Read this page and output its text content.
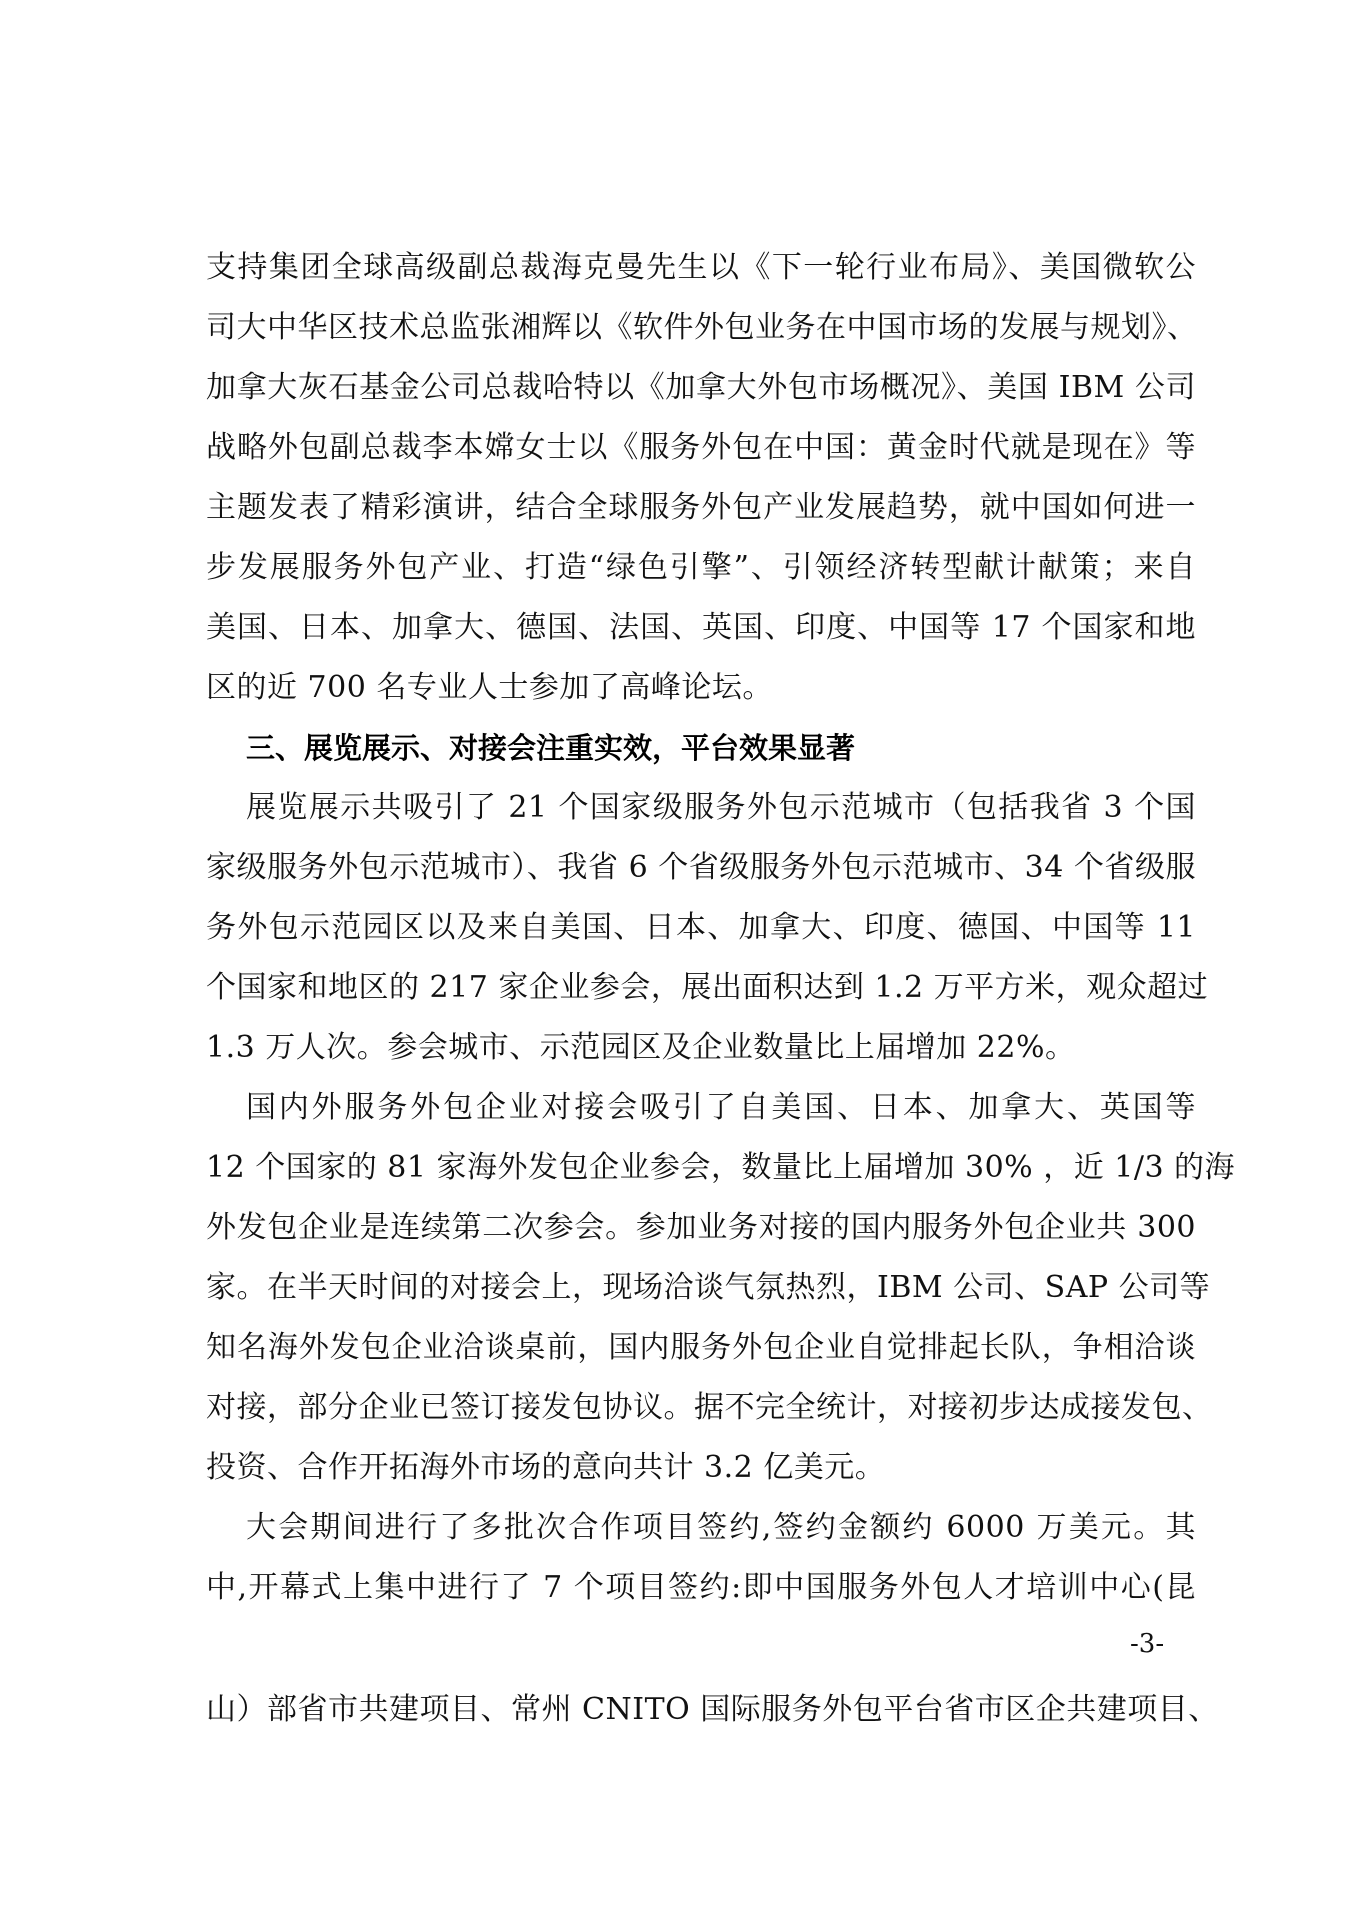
支持集团全球高级副总裁海克曼先生以《下一轮行业布局》、美国微软公
司大中华区技术总监张湘辉以《软件外包业务在中国市场的发展与规划》、
加拿大灰石基金公司总裁哈特以《加拿大外包市场概况》、美国 IBM 公司
战略外包副总裁李本嫦女士以《服务外包在中国：黄金时代就是现在》等
主题发表了精彩演讲，结合全球服务外包产业发展趋势，就中国如何进一
步发展服务外包产业、打造“绿色引擎”、引领经济转型献计献策；来自
美国、日本、加拿大、德国、法国、英国、印度、中国等 17 个国家和地
区的近 700 名专业人士参加了高峰论坛。
三、展览展示、对接会注重实效，平台效果显著
展览展示共吸引了 21 个国家级服务外包示范城市（包括我省 3 个国
家级服务外包示范城市）、我省 6 个省级服务外包示范城市、34 个省级服
务外包示范园区以及来自美国、日本、加拿大、印度、德国、中国等 11
个国家和地区的 217 家企业参会，展出面积达到 1.2 万平方米，观众超过
1.3 万人次。参会城市、示范园区及企业数量比上届增加 22%。
国内外服务外包企业对接会吸引了自美国、日本、加拿大、英国等
12 个国家的 81 家海外发包企业参会，数量比上届增加 30% ，近 1/3 的海
外发包企业是连续第二次参会。参加业务对接的国内服务外包企业共 300
家。在半天时间的对接会上，现场洽谈气氛热烈，IBM 公司、SAP 公司等
知名海外发包企业洽谈桌前，国内服务外包企业自觉排起长队，争相洽谈
对接，部分企业已签订接发包协议。据不完全统计，对接初步达成接发包、
投资、合作开拓海外市场的意向共计 3.2 亿美元。
大会期间进行了多批次合作项目签约,签约金额约 6000 万美元。其
中,开幕式上集中进行了 7 个项目签约:即中国服务外包人才培训中心(昆
-3-
山）部省市共建项目、常州 CNITO 国际服务外包平台省市区企共建项目、
